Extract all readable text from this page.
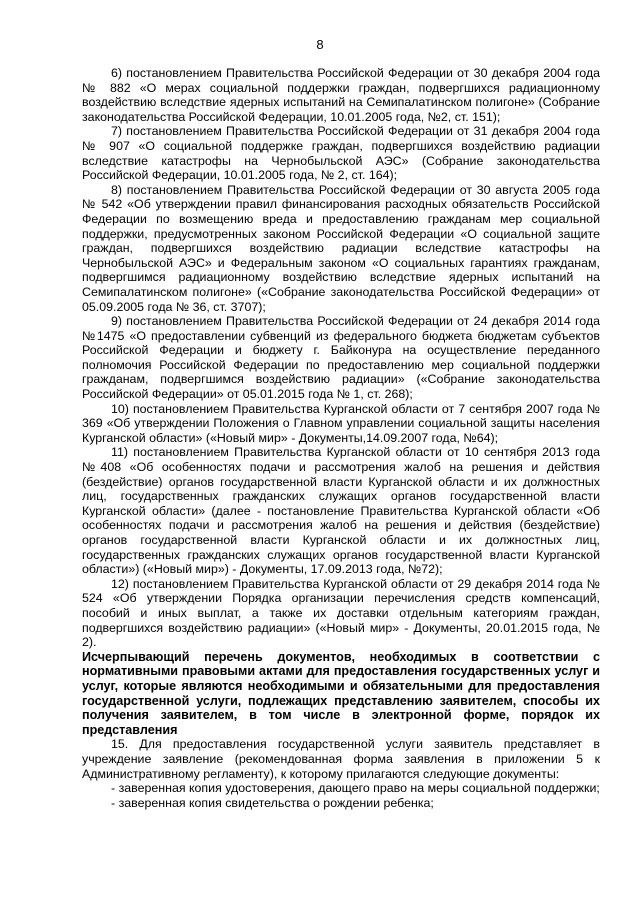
8

6) постановлением Правительства Российской Федерации от 30 декабря 2004 года № 882 «О мерах социальной поддержки граждан, подвергшихся радиационному воздействию вследствие ядерных испытаний на Семипалатинском полигоне» (Собрание законодательства Российской Федерации, 10.01.2005 года, №2, ст. 151);

7) постановлением Правительства Российской Федерации от 31 декабря 2004 года № 907 «О социальной поддержке граждан, подвергшихся воздействию радиации вследствие катастрофы на Чернобыльской АЭС» (Собрание законодательства Российской Федерации, 10.01.2005 года, № 2, ст. 164);

8) постановлением Правительства Российской Федерации от 30 августа 2005 года № 542 «Об утверждении правил финансирования расходных обязательств Российской Федерации по возмещению вреда и предоставлению гражданам мер социальной поддержки, предусмотренных законом Российской Федерации «О социальной защите граждан, подвергшихся воздействию радиации вследствие катастрофы на Чернобыльской АЭС» и Федеральным законом «О социальных гарантиях гражданам, подвергшимся радиационному воздействию вследствие ядерных испытаний на Семипалатинском полигоне» («Собрание законодательства Российской Федерации» от 05.09.2005 года № 36, ст. 3707);

9) постановлением Правительства Российской Федерации от 24 декабря 2014 года №1475 «О предоставлении субвенций из федерального бюджета бюджетам субъектов Российской Федерации и бюджету г. Байконура на осуществление переданного полномочия Российской Федерации по предоставлению мер социальной поддержки гражданам, подвергшимся воздействию радиации» («Собрание законодательства Российской Федерации» от 05.01.2015 года № 1, ст. 268);

10) постановлением Правительства Курганской области от 7 сентября 2007 года № 369 «Об утверждении Положения о Главном управлении социальной защиты населения Курганской области» («Новый мир» - Документы,14.09.2007 года, №64);

11) постановлением Правительства Курганской области от 10 сентября 2013 года №408 «Об особенностях подачи и рассмотрения жалоб на решения и действия (бездействие) органов государственной власти Курганской области и их должностных лиц, государственных гражданских служащих органов государственной власти Курганской области» (далее - постановление Правительства Курганской области «Об особенностях подачи и рассмотрения жалоб на решения и действия (бездействие) органов государственной власти Курганской области и их должностных лиц, государственных гражданских служащих органов государственной власти Курганской области») («Новый мир») - Документы, 17.09.2013 года, №72);

12) постановлением Правительства Курганской области от 29 декабря 2014 года № 524 «Об утверждении Порядка организации перечисления средств компенсаций, пособий и иных выплат, а также их доставки отдельным категориям граждан, подвергшихся воздействию радиации» («Новый мир» - Документы, 20.01.2015 года, № 2).

Исчерпывающий перечень документов, необходимых в соответствии с нормативными правовыми актами для предоставления государственных услуг и услуг, которые являются необходимыми и обязательными для предоставления государственной услуги, подлежащих представлению заявителем, способы их получения заявителем, в том числе в электронной форме, порядок их представления

15. Для предоставления государственной услуги заявитель представляет в учреждение заявление (рекомендованная форма заявления в приложении 5 к Административному регламенту), к которому прилагаются следующие документы:

- заверенная копия удостоверения, дающего право на меры социальной поддержки;

- заверенная копия свидетельства о рождении ребенка;
